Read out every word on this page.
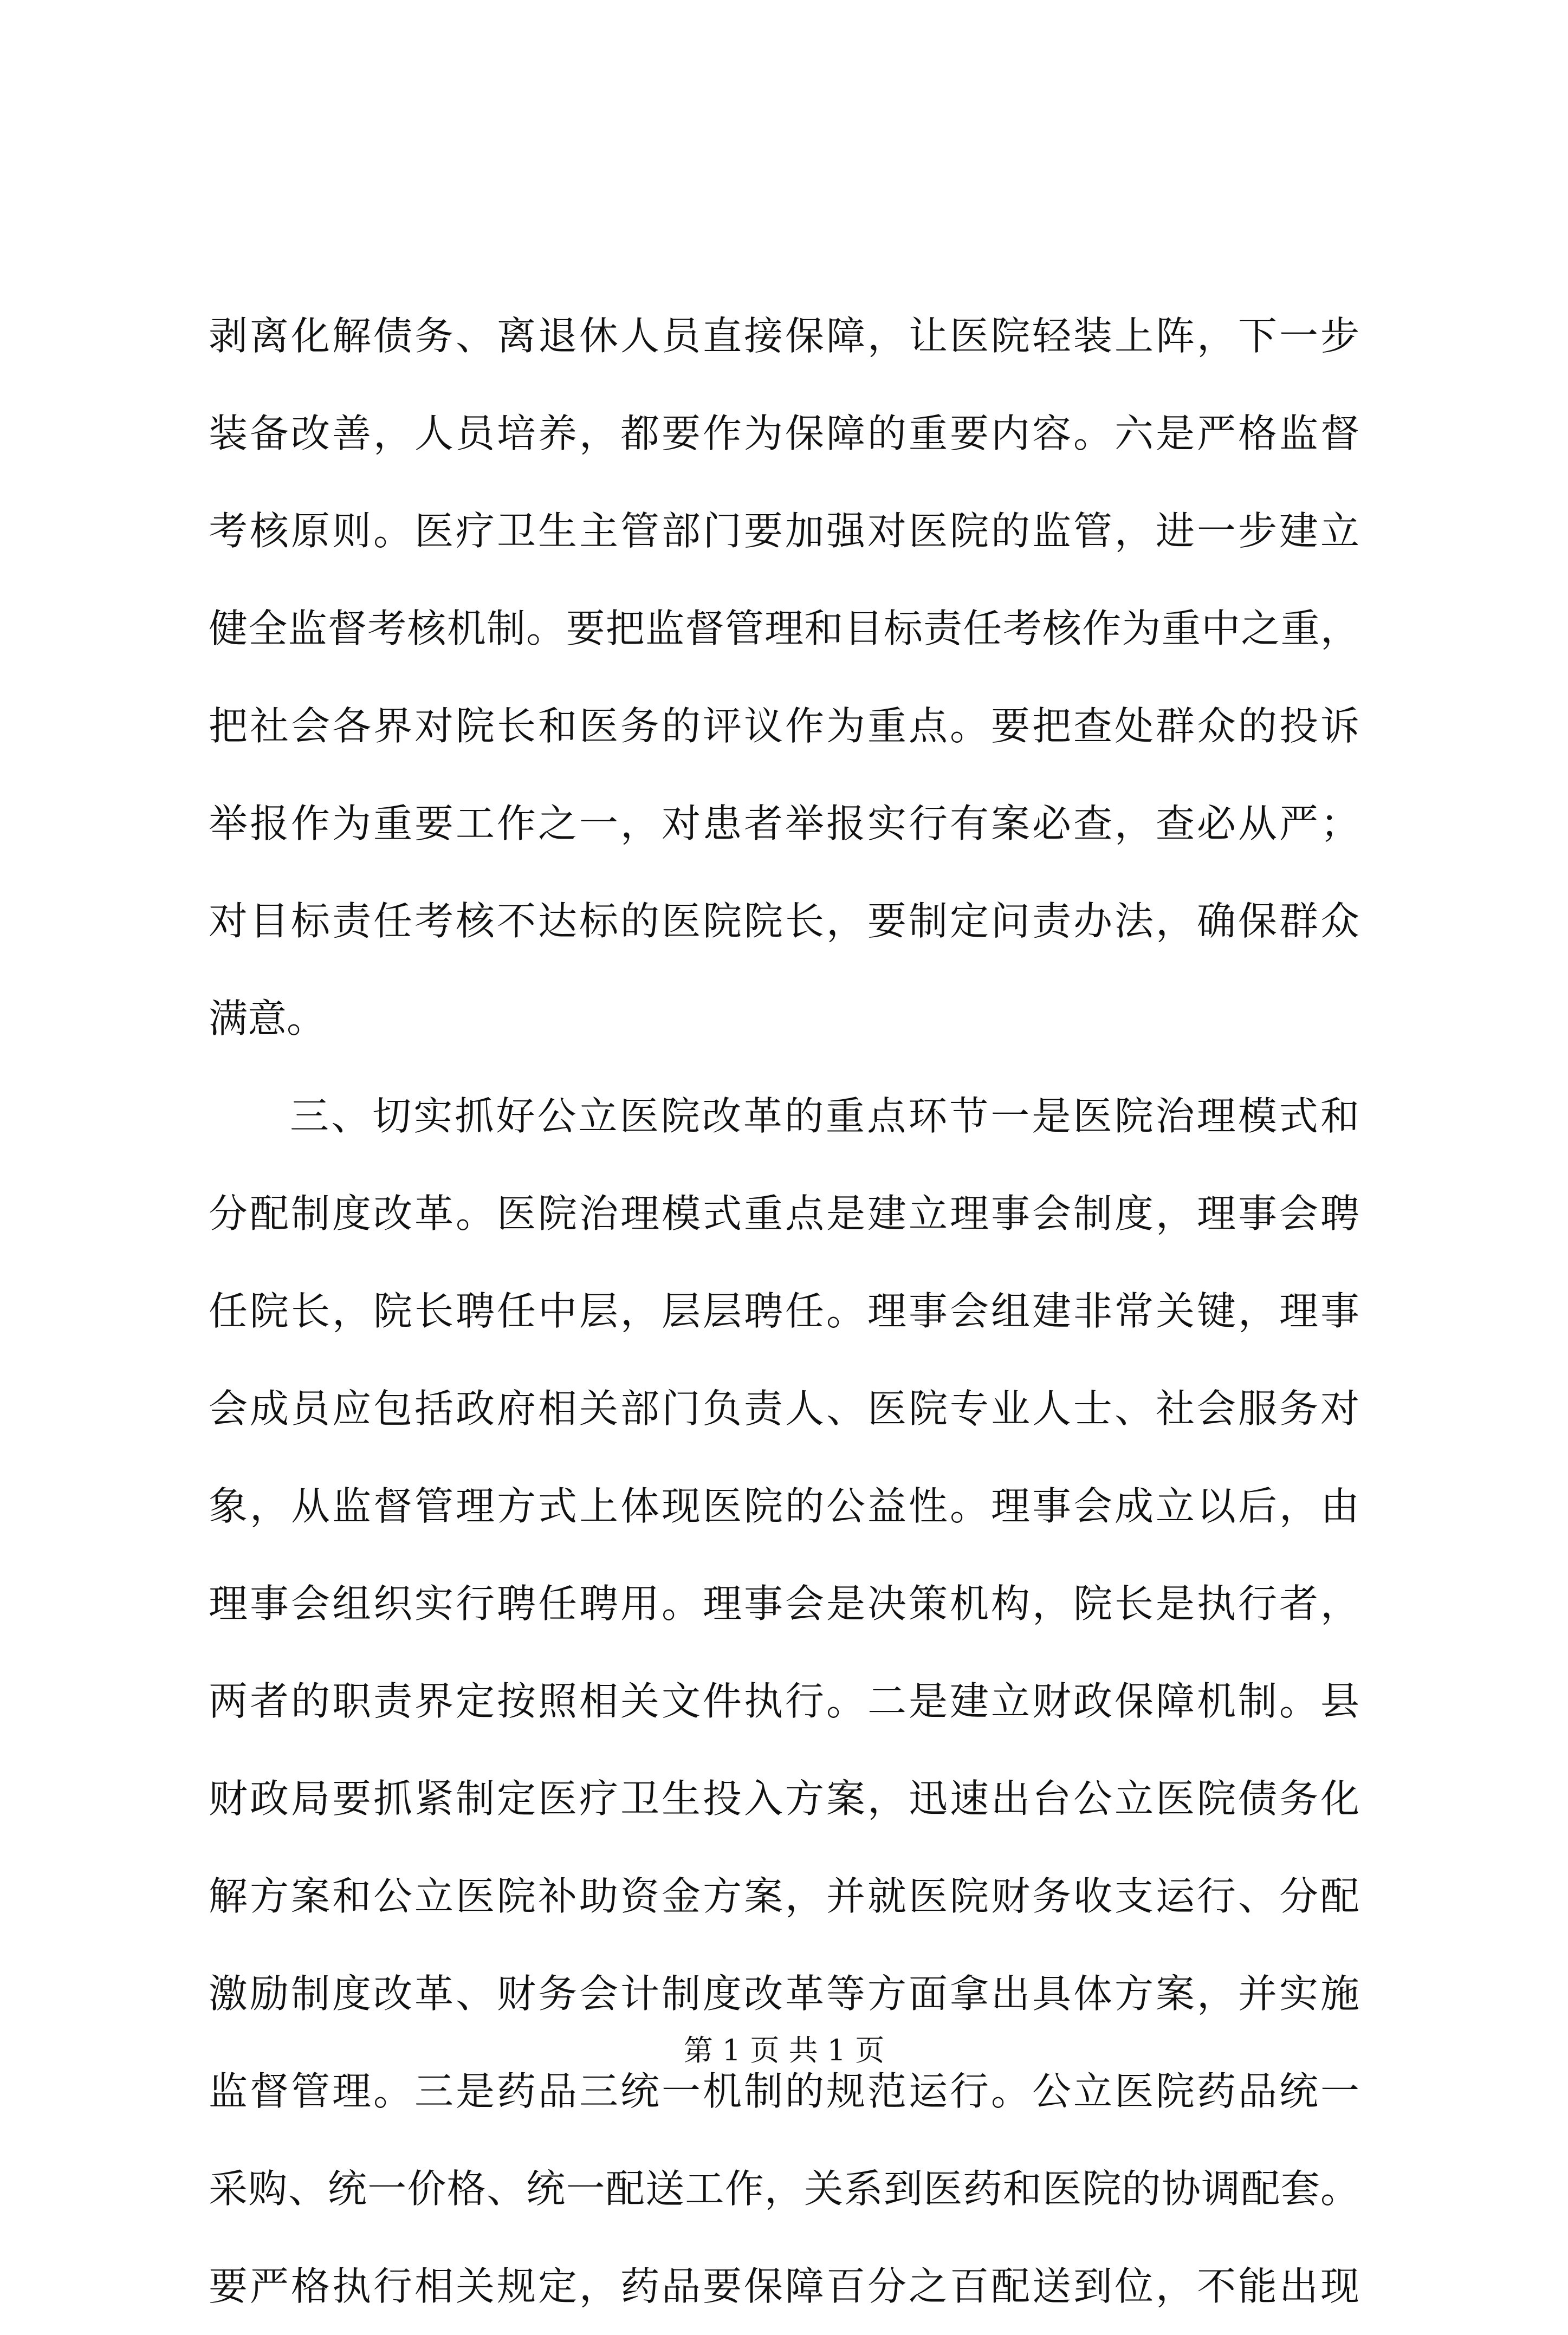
剥离化解债务、离退休人员直接保障，让医院轻装上阵，下一步
装备改善，人员培养，都要作为保障的重要内容。六是严格监督
考核原则。医疗卫生主管部门要加强对医院的监管，进一步建立
健全监督考核机制。要把监督管理和目标责任考核作为重中之重，
把社会各界对院长和医务的评议作为重点。要把查处群众的投诉
举报作为重要工作之一，对患者举报实行有案必查，查必从严；
对目标责任考核不达标的医院院长，要制定问责办法，确保群众
满意。
三、切实抓好公立医院改革的重点环节一是医院治理模式和
分配制度改革。医院治理模式重点是建立理事会制度，理事会聘
任院长，院长聘任中层，层层聘任。理事会组建非常关键，理事
会成员应包括政府相关部门负责人、医院专业人士、社会服务对
象，从监督管理方式上体现医院的公益性。理事会成立以后，由
理事会组织实行聘任聘用。理事会是决策机构，院长是执行者，
两者的职责界定按照相关文件执行。二是建立财政保障机制。县
财政局要抓紧制定医疗卫生投入方案，迅速出台公立医院债务化
解方案和公立医院补助资金方案，并就医院财务收支运行、分配
激励制度改革、财务会计制度改革等方面拿出具体方案，并实施
监督管理。三是药品三统一机制的规范运行。公立医院药品统一
采购、统一价格、统一配送工作，关系到医药和医院的协调配套。
要严格执行相关规定，药品要保障百分之百配送到位，不能出现
第 1 页 共 1 页
